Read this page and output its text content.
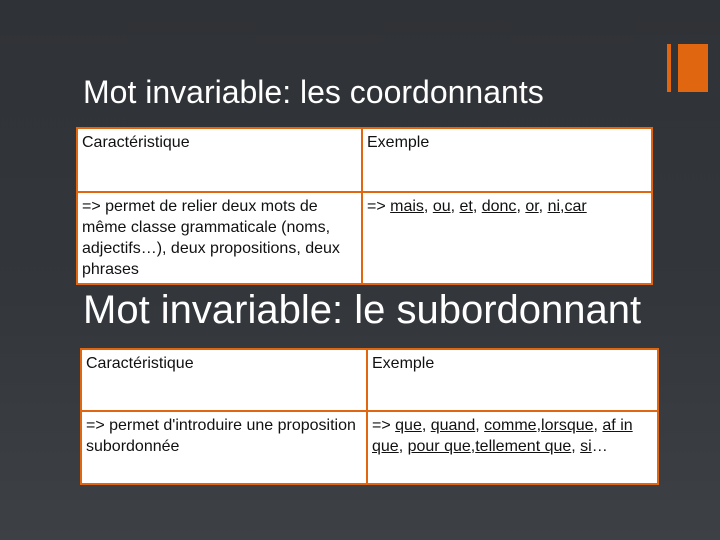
Mot invariable: les coordonnants
Caractéristique	Exemple
=> permet de relier deux mots de même classe grammaticale (noms, adjectifs…), deux propositions, deux phrases	=> mais, ou, et, donc, or, ni,car
Mot invariable: le subordonnant
Caractéristique	Exemple
=> permet d'introduire une proposition subordonnée	=> que, quand, comme,lorsque, af in que, pour que,tellement que, si…
